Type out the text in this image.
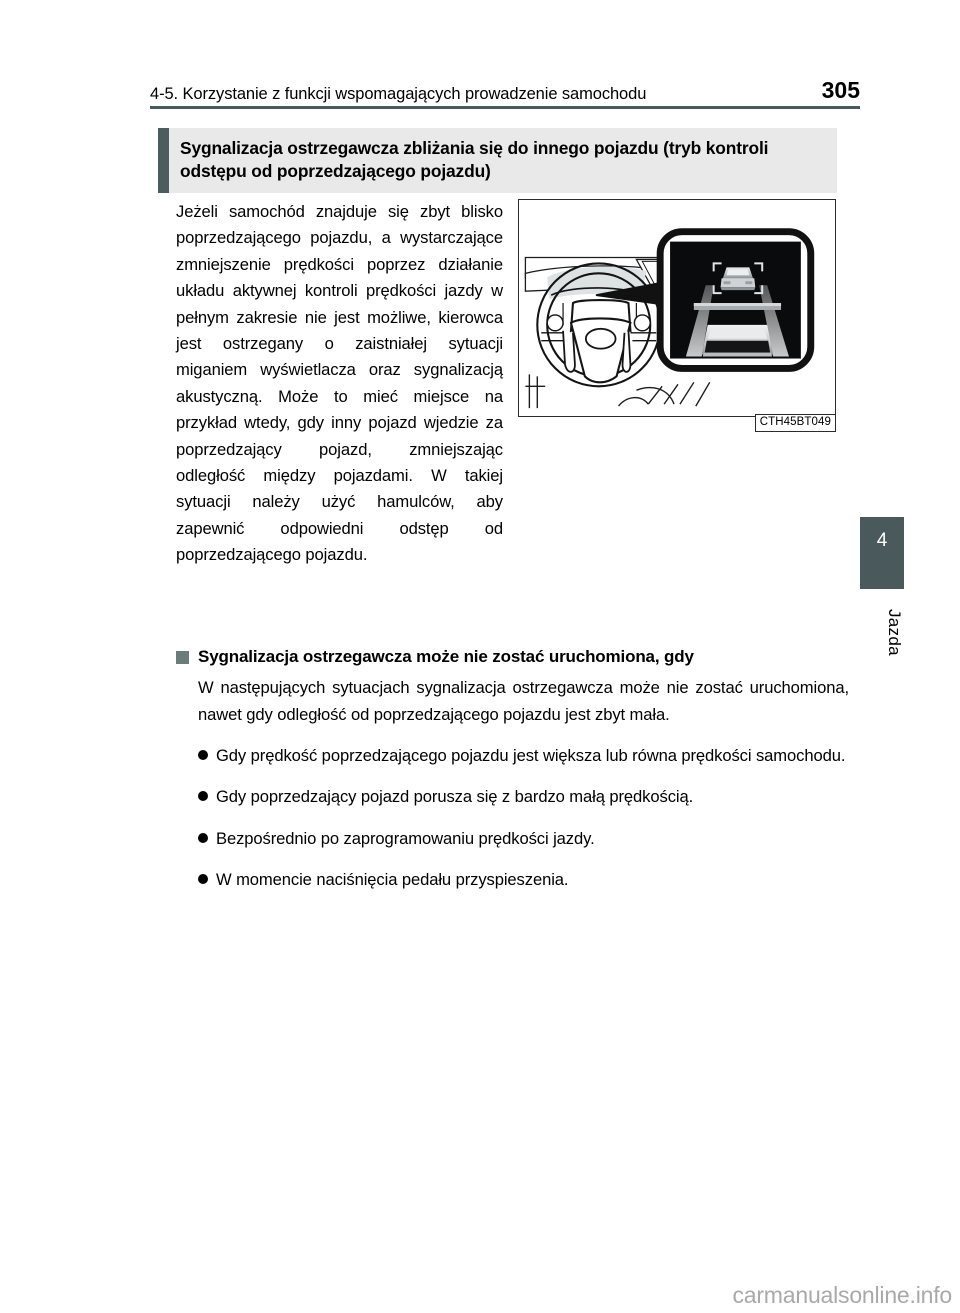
4-5. Korzystanie z funkcji wspomagających prowadzenie samochodu	305
Sygnalizacja ostrzegawcza zbliżania się do innego pojazdu (tryb kontroli odstępu od poprzedzającego pojazdu)
Jeżeli samochód znajduje się zbyt blisko poprzedzającego pojazdu, a wystarczające zmniejszenie prędkości poprzez działanie układu aktywnej kontroli prędkości jazdy w pełnym zakresie nie jest możliwe, kierowca jest ostrzegany o zaistniałej sytuacji miganiem wyświetlacza oraz sygnalizacją akustyczną. Może to mieć miejsce na przykład wtedy, gdy inny pojazd wjedzie za poprzedzający pojazd, zmniejszając odległość między pojazdami. W takiej sytuacji należy użyć hamulców, aby zapewnić odpowiedni odstęp od poprzedzającego pojazdu.
CTH45BT049
Sygnalizacja ostrzegawcza może nie zostać uruchomiona, gdy
W następujących sytuacjach sygnalizacja ostrzegawcza może nie zostać uruchomiona, nawet gdy odległość od poprzedzającego pojazdu jest zbyt mała.
Gdy prędkość poprzedzającego pojazdu jest większa lub równa prędkości samochodu.
Gdy poprzedzający pojazd porusza się z bardzo małą prędkością.
Bezpośrednio po zaprogramowaniu prędkości jazdy.
W momencie naciśnięcia pedału przyspieszenia.
4
Jazda
carmanualsonline.info
